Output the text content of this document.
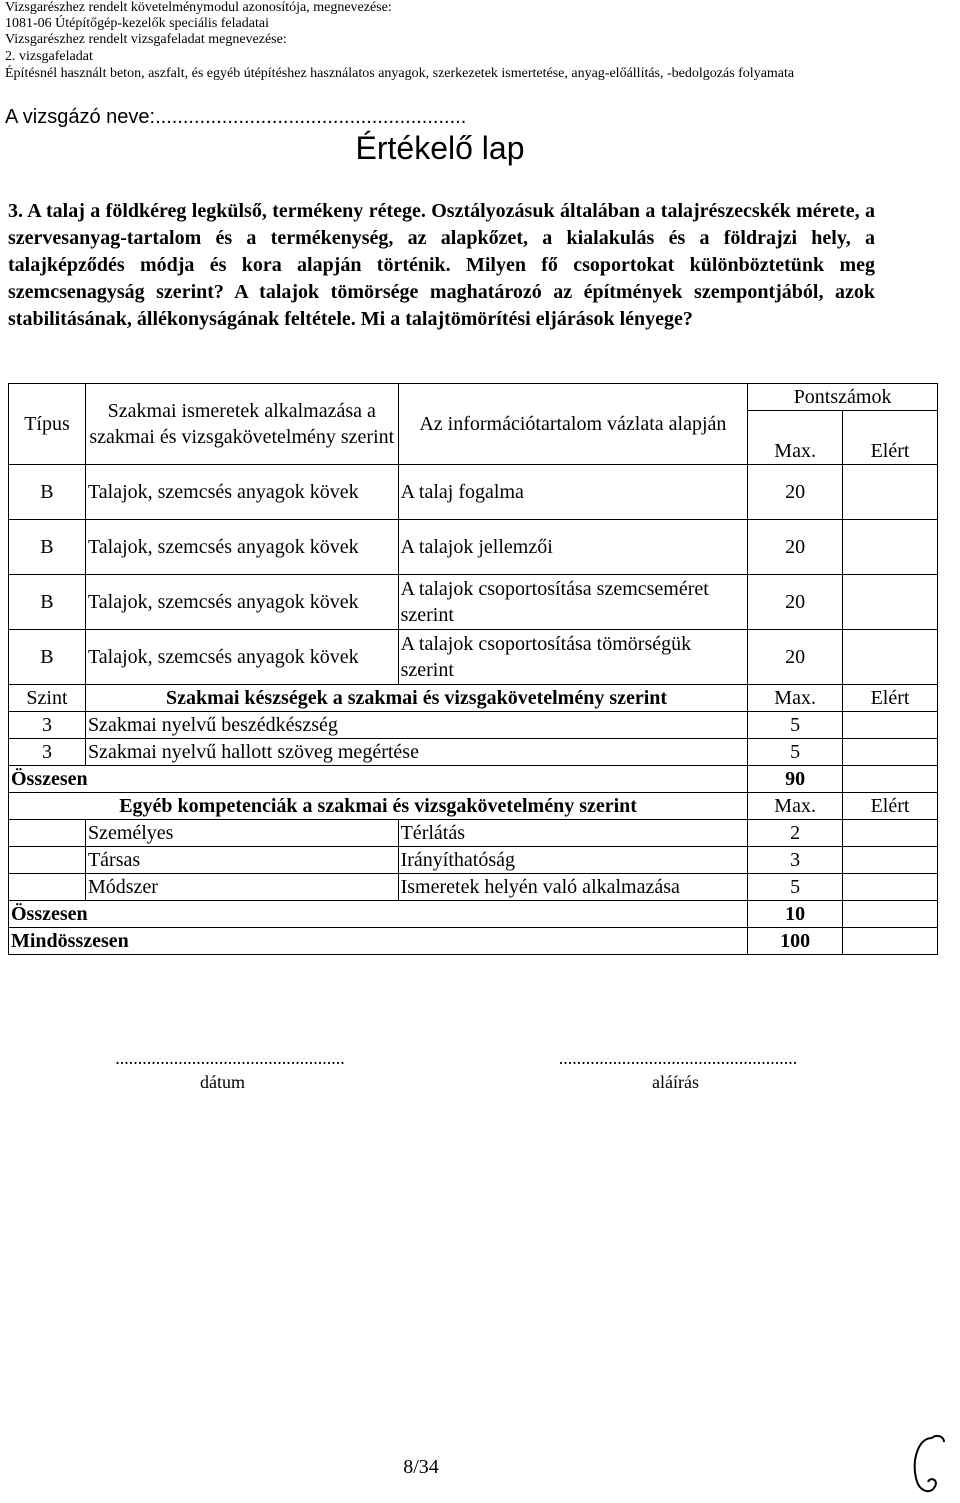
Vizsgarészhez rendelt követelménymodul azonosítója, megnevezése:
1081-06 Útépítőgép-kezelők speciális feladatai
Vizsgarészhez rendelt vizsgafeladat megnevezése:
2. vizsgafeladat
Építésnél használt beton, aszfalt, és egyéb útépítéshez használatos anyagok, szerkezetek ismertetése, anyag-előállítás, -bedolgozás folyamata
A vizsgázó neve:........................................................
Értékelő lap
3. A talaj a földkéreg legkülső, termékeny rétege. Osztályozásuk általában a talajrészecskék mérete, a szervesanyag-tartalom és a termékenység, az alapkőzet, a kialakulás és a földrajzi hely, a talajképződés módja és kora alapján történik. Milyen fő csoportokat különböztetünk meg szemcsenagyság szerint? A talajok tömörsége maghatározó az építmények szempontjából, azok stabilitásának, állékonyságának feltétele. Mi a talajtömörítési eljárások lényege?
Típus	Szakmai ismeretek alkalmazása a szakmai és vizsgakövetelmény szerint	Az információtartalom vázlata alapján	Pontszámok	
			Max.	Elért

B	Talajok, szemcsés anyagok kövek	A talaj fogalma	20	
B	Talajok, szemcsés anyagok kövek	A talajok jellemzői	20	
B	Talajok, szemcsés anyagok kövek	A talajok csoportosítása szemcseméret szerint	20	
B	Talajok, szemcsés anyagok kövek	A talajok csoportosítása tömörségük szerint	20	
Szint	Szakmai készségek a szakmai és vizsgakövetelmény szerint		Max.	Elért
3	Szakmai nyelvű beszédkészség		5	
3	Szakmai nyelvű hallott szöveg megértése		5	
Összesen			90	
Egyéb kompetenciák a szakmai és vizsgakövetelmény szerint			Max.	Elért
	Személyes	Térlátás	2	
	Társas	Irányíthatóság	3	
	Módszer	Ismeretek helyén való alkalmazása	5	
Összesen			10	
Mindösszesen			100	
...................................................
dátum
.....................................................
aláírás
8/34
